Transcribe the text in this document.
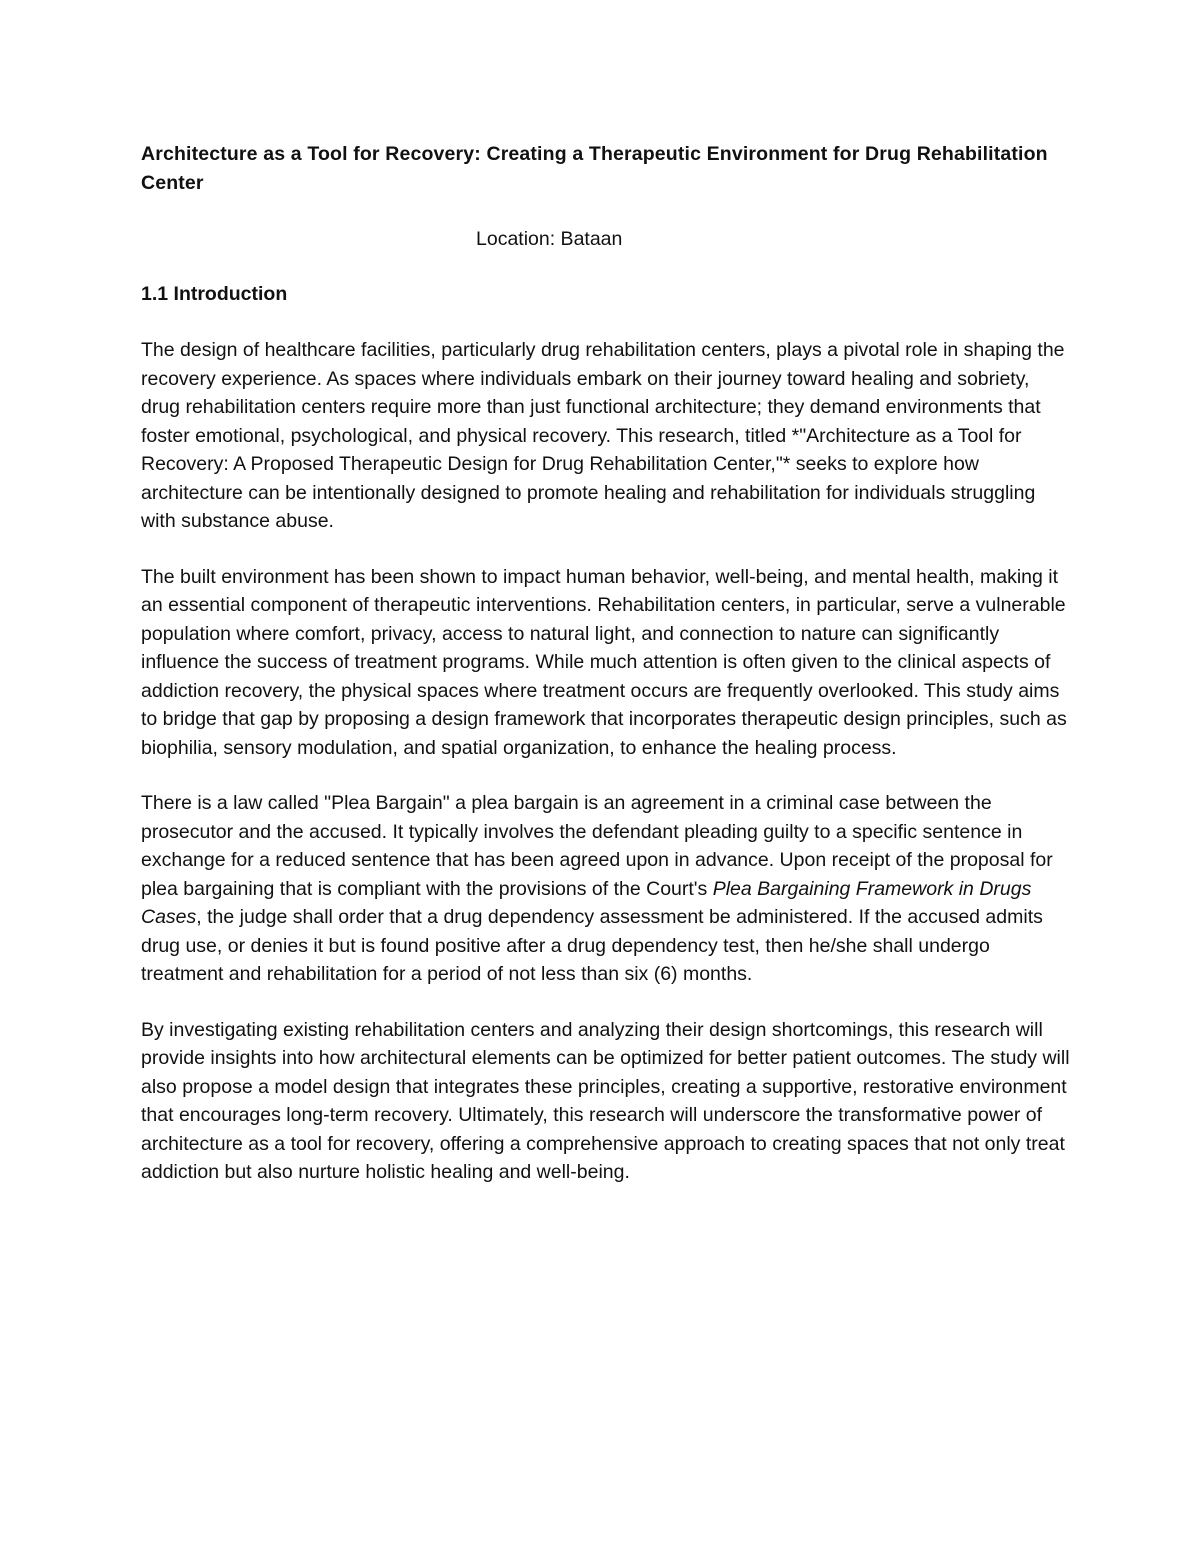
Architecture as a Tool for Recovery: Creating a Therapeutic Environment for Drug Rehabilitation Center

Location: Bataan

1.1 Introduction

The design of healthcare facilities, particularly drug rehabilitation centers, plays a pivotal role in shaping the recovery experience. As spaces where individuals embark on their journey toward healing and sobriety, drug rehabilitation centers require more than just functional architecture; they demand environments that foster emotional, psychological, and physical recovery. This research, titled *"Architecture as a Tool for Recovery: A Proposed Therapeutic Design for Drug Rehabilitation Center,"* seeks to explore how architecture can be intentionally designed to promote healing and rehabilitation for individuals struggling with substance abuse.

The built environment has been shown to impact human behavior, well-being, and mental health, making it an essential component of therapeutic interventions. Rehabilitation centers, in particular, serve a vulnerable population where comfort, privacy, access to natural light, and connection to nature can significantly influence the success of treatment programs. While much attention is often given to the clinical aspects of addiction recovery, the physical spaces where treatment occurs are frequently overlooked. This study aims to bridge that gap by proposing a design framework that incorporates therapeutic design principles, such as biophilia, sensory modulation, and spatial organization, to enhance the healing process.

There is a law called "Plea Bargain" a plea bargain is an agreement in a criminal case between the prosecutor and the accused. It typically involves the defendant pleading guilty to a specific sentence in exchange for a reduced sentence that has been agreed upon in advance. Upon receipt of the proposal for plea bargaining that is compliant with the provisions of the Court's Plea Bargaining Framework in Drugs Cases, the judge shall order that a drug dependency assessment be administered. If the accused admits drug use, or denies it but is found positive after a drug dependency test, then he/she shall undergo treatment and rehabilitation for a period of not less than six (6) months.

By investigating existing rehabilitation centers and analyzing their design shortcomings, this research will provide insights into how architectural elements can be optimized for better patient outcomes. The study will also propose a model design that integrates these principles, creating a supportive, restorative environment that encourages long-term recovery. Ultimately, this research will underscore the transformative power of architecture as a tool for recovery, offering a comprehensive approach to creating spaces that not only treat addiction but also nurture holistic healing and well-being.
